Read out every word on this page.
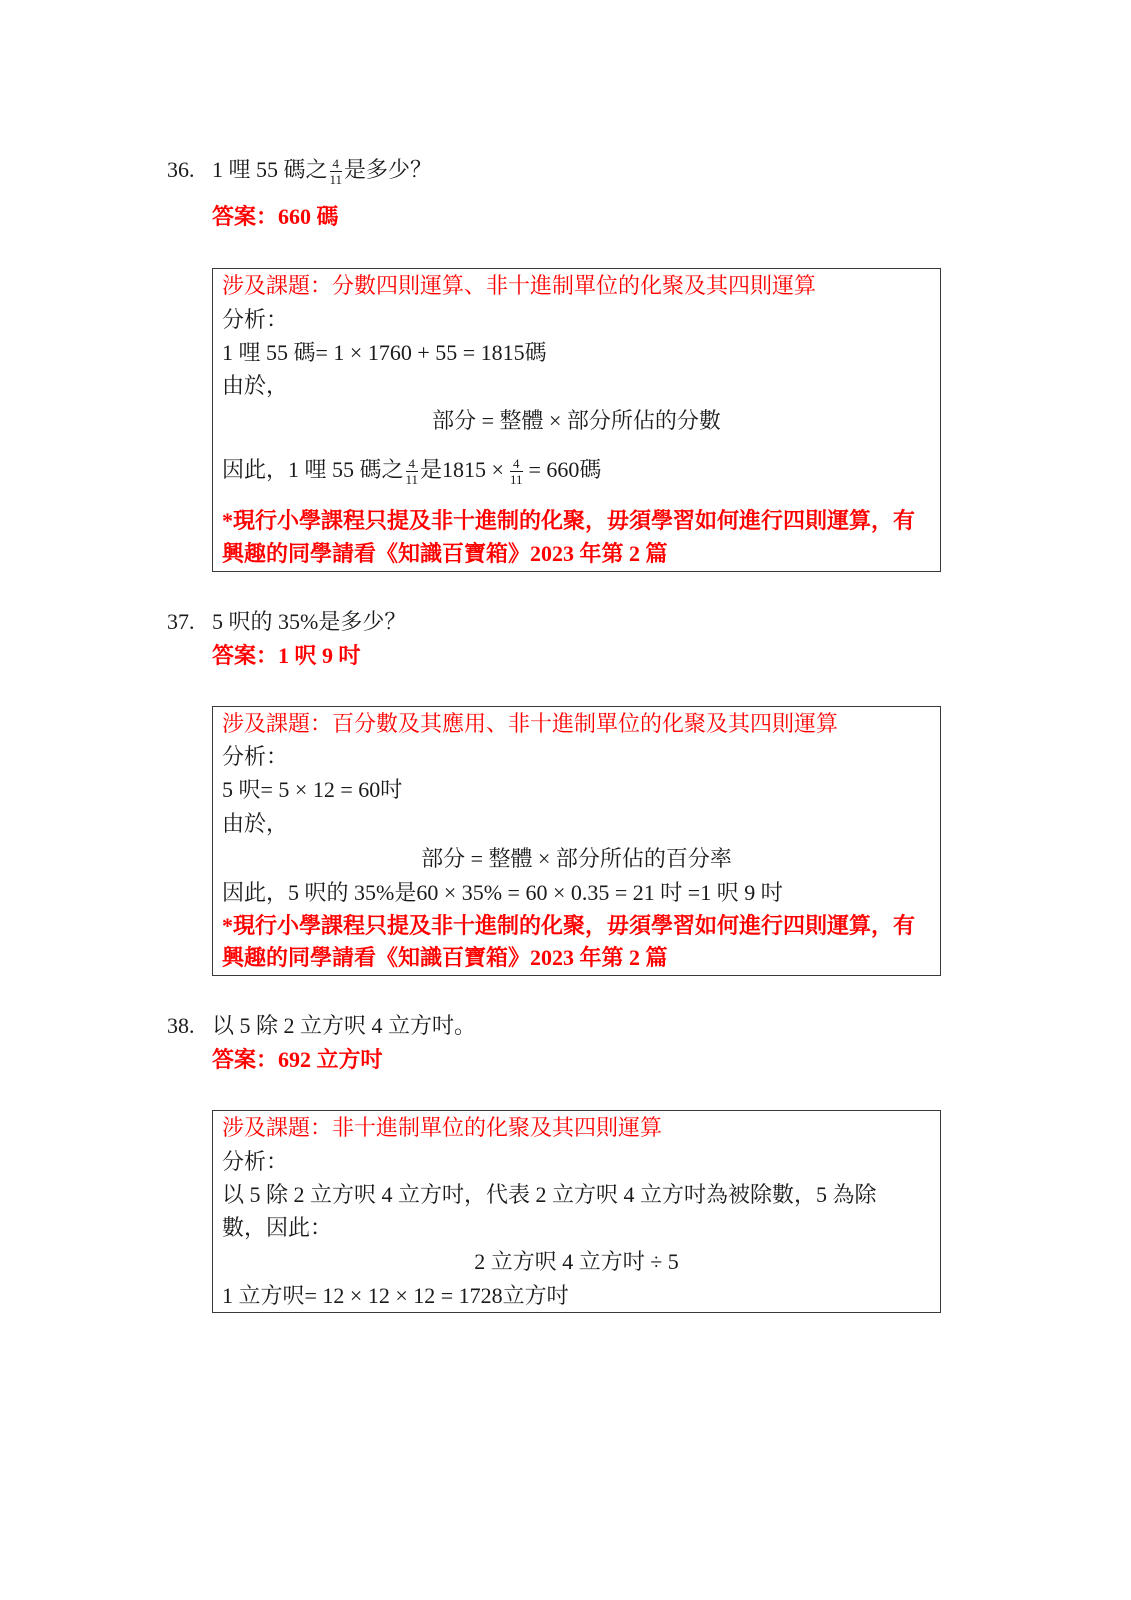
36. 1 哩 55 碼之 $\frac{4}{11}$ 是多少？
答案：660 碼
涉及課題：分數四則運算、非十進制單位的化聚及其四則運算
分析：
1 哩 55 碼= 1 × 1760 + 55 = 1815碼
由於，
部分 = 整體 × 部分所佔的分數
因此，1 哩 55 碼之 $\frac{4}{11}$ 是$1815 \times \frac{4}{11} = 660$碼
*現行小學課程只提及非十進制的化聚，毋須學習如何進行四則運算，有
興趣的同學請看《知識百寶箱》2023 年第 2 篇
37. 5 呎的 35%是多少？
答案：1 呎 9 吋
涉及課題：百分數及其應用、非十進制單位的化聚及其四則運算
分析：
5 呎= 5 × 12 = 60吋
由於，
部分 = 整體 × 部分所佔的百分率
因此，5 呎的 35%是60 × 35% = 60 × 0.35 = 21 吋 =1 呎 9 吋
*現行小學課程只提及非十進制的化聚，毋須學習如何進行四則運算，有
興趣的同學請看《知識百寶箱》2023 年第 2 篇
38. 以 5 除 2 立方呎 4 立方吋。
答案：692 立方吋
涉及課題：非十進制單位的化聚及其四則運算
分析：
以 5 除 2 立方呎 4 立方吋，代表 2 立方呎 4 立方吋為被除數，5 為除
數，因此：
2 立方呎 4 立方吋 ÷ 5
1 立方呎= 12 × 12 × 12 = 1728立方吋
